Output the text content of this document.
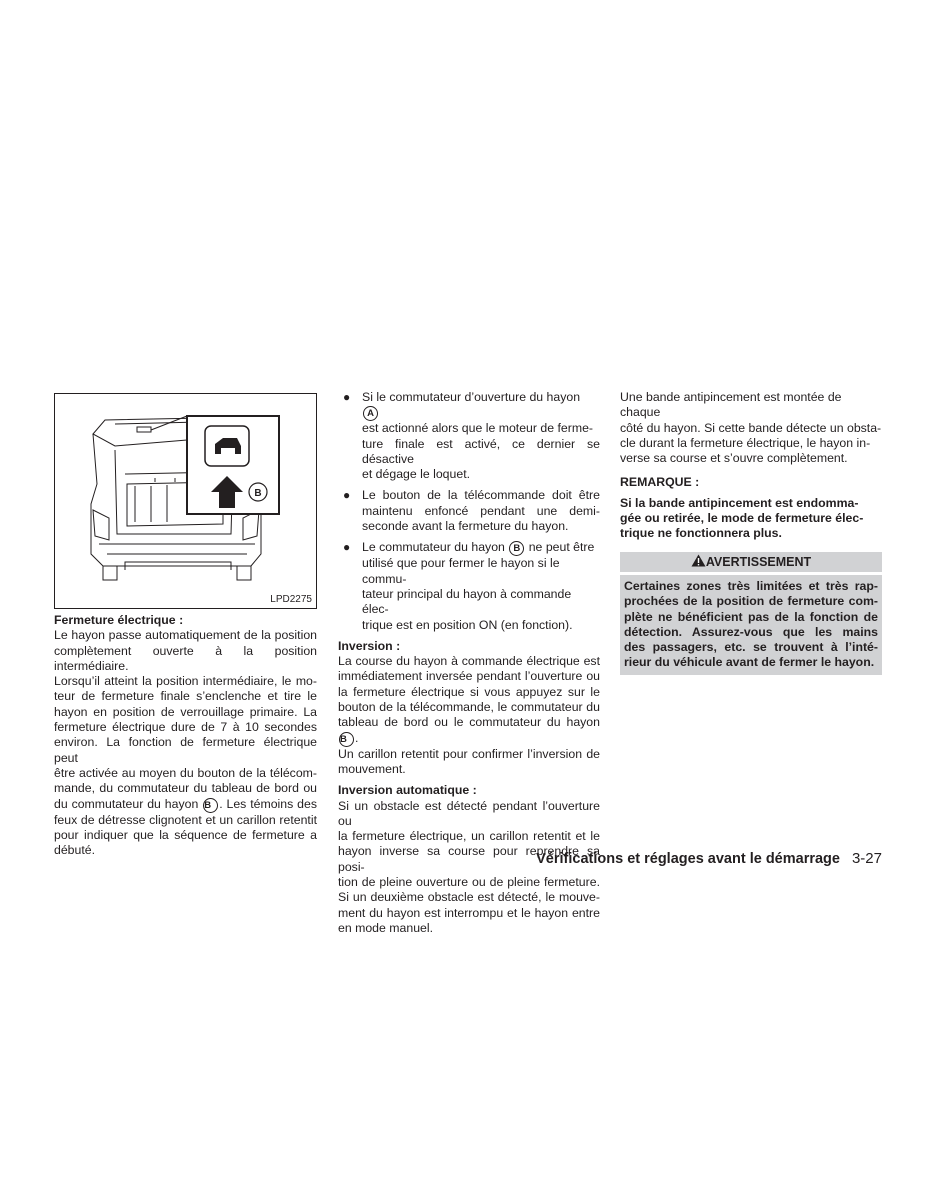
B
LPD2275

Fermeture électrique :

Le hayon passe automatiquement de la position

complètement ouverte à la position intermédiaire.

Lorsqu’il atteint la position intermédiaire, le mo-

teur de fermeture finale s’enclenche et tire le

hayon en position de verrouillage primaire. La

fermeture électrique dure de 7 à 10 secondes

environ. La fonction de fermeture électrique peut

être activée au moyen du bouton de la télécom-

mande, du commutateur du tableau de bord ou

du commutateur du hayon B . Les témoins des

feux de détresse clignotent et un carillon retentit

pour indiquer que la séquence de fermeture a

débuté.

● Si le commutateur d’ouverture du hayon A

est actionné alors que le moteur de ferme-

ture finale est activé, ce dernier se désactive

et dégage le loquet.

● Le bouton de la télécommande doit être

maintenu enfoncé pendant une demi-

seconde avant la fermeture du hayon.

● Le commutateur du hayon B ne peut être

utilisé que pour fermer le hayon si le commu-

tateur principal du hayon à commande élec-

trique est en position ON (en fonction).

Inversion :

La course du hayon à commande électrique est

immédiatement inversée pendant l’ouverture ou

la fermeture électrique si vous appuyez sur le

bouton de la télécommande, le commutateur du

tableau de bord ou le commutateur du hayon B .

Un carillon retentit pour confirmer l’inversion de

mouvement.

Inversion automatique :

Si un obstacle est détecté pendant l’ouverture ou

la fermeture électrique, un carillon retentit et le

hayon inverse sa course pour reprendre sa posi-

tion de pleine ouverture ou de pleine fermeture.

Si un deuxième obstacle est détecté, le mouve-

ment du hayon est interrompu et le hayon entre

en mode manuel.

Une bande antipincement est montée de chaque

côté du hayon. Si cette bande détecte un obsta-

cle durant la fermeture électrique, le hayon in-

verse sa course et s’ouvre complètement.

REMARQUE :

Si la bande antipincement est endomma-

gée ou retirée, le mode de fermeture élec-

trique ne fonctionnera plus.

AVERTISSEMENT

Certaines zones très limitées et très rap-

prochées de la position de fermeture com-

plète ne bénéficient pas de la fonction de

détection. Assurez-vous que les mains

des passagers, etc. se trouvent à l’inté-

rieur du véhicule avant de fermer le hayon.

Vérifications et réglages avant le démarrage 3-27
